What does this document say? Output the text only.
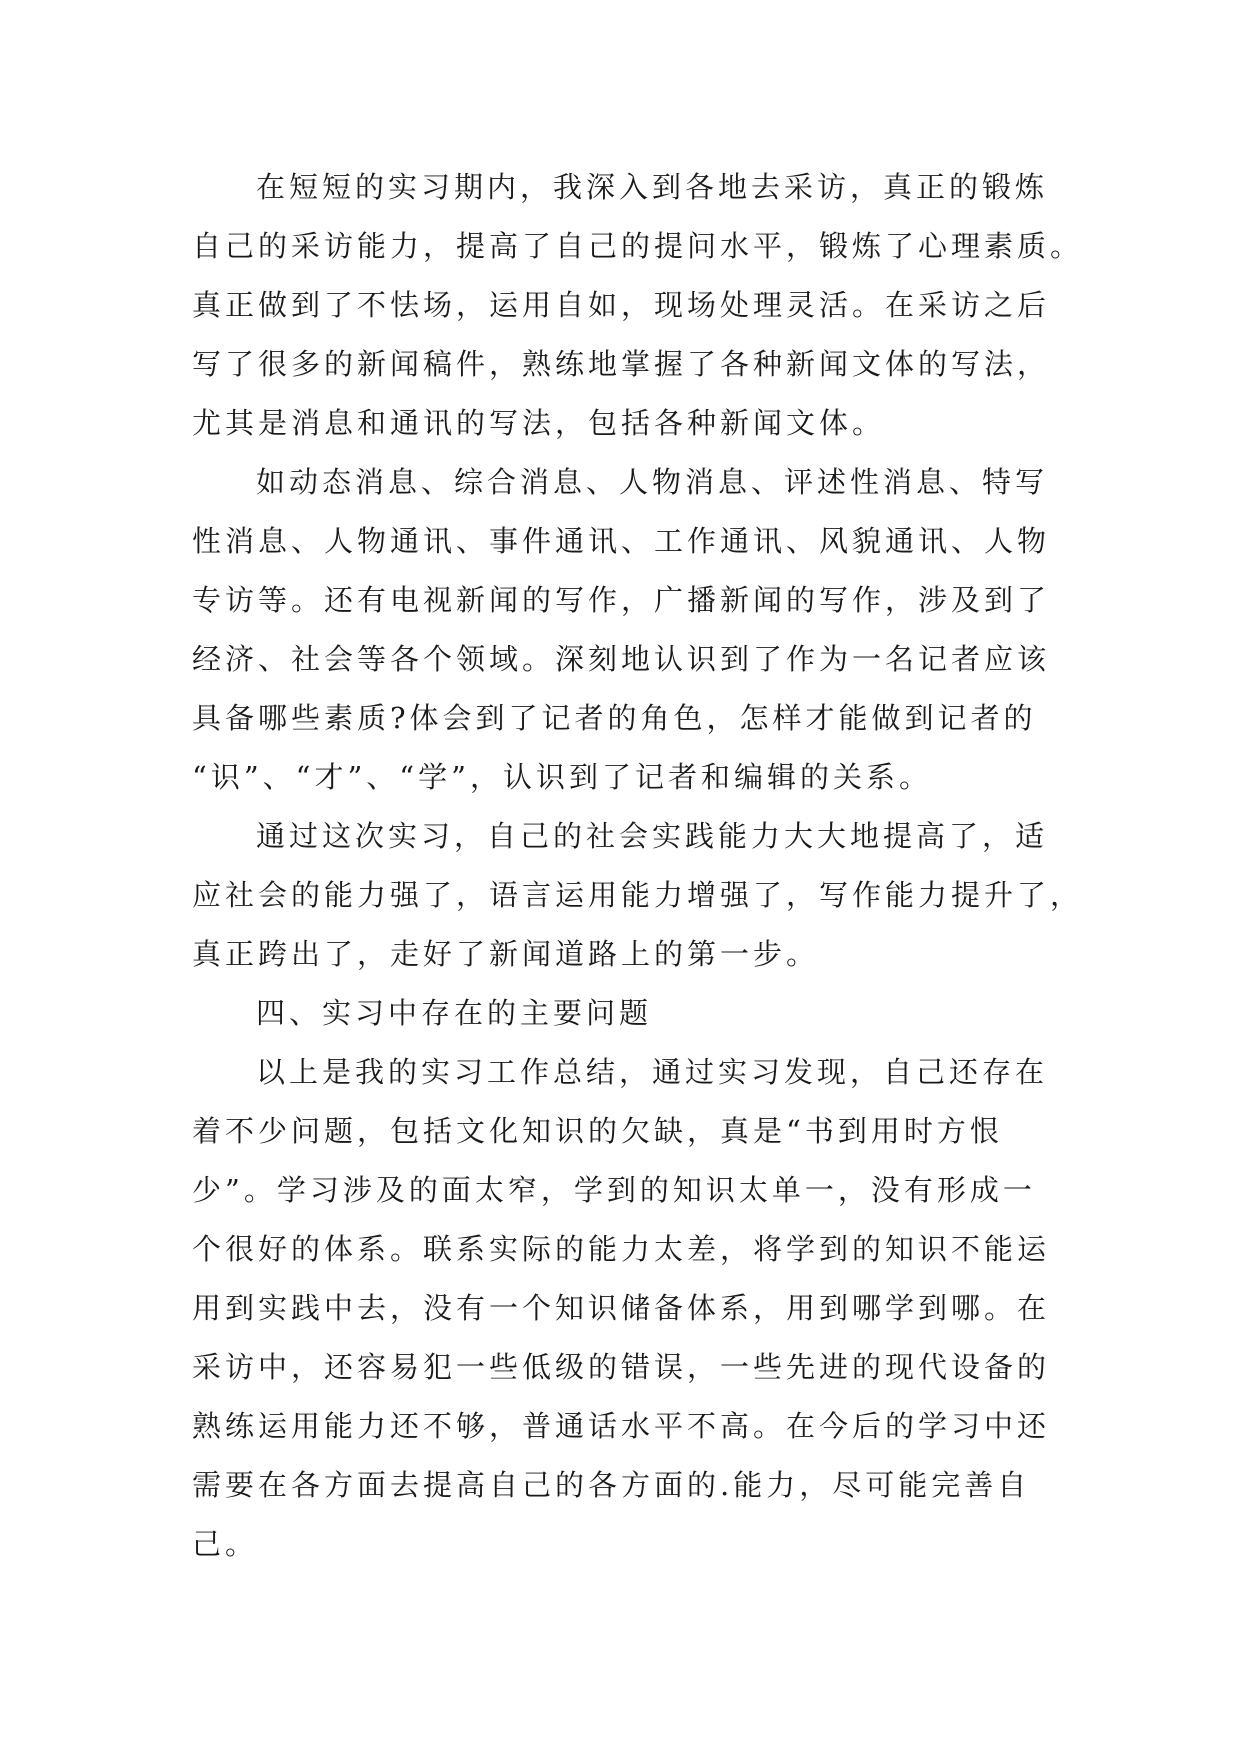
在短短的实习期内，我深入到各地去采访，真正的锻炼
自己的采访能力，提高了自己的提问水平，锻炼了心理素质。
真正做到了不怯场，运用自如，现场处理灵活。在采访之后
写了很多的新闻稿件，熟练地掌握了各种新闻文体的写法，
尤其是消息和通讯的写法，包括各种新闻文体。
如动态消息、综合消息、人物消息、评述性消息、特写
性消息、人物通讯、事件通讯、工作通讯、风貌通讯、人物
专访等。还有电视新闻的写作，广播新闻的写作，涉及到了
经济、社会等各个领域。深刻地认识到了作为一名记者应该
具备哪些素质?体会到了记者的角色，怎样才能做到记者的
“识”、“才”、“学”，认识到了记者和编辑的关系。
通过这次实习，自己的社会实践能力大大地提高了，适
应社会的能力强了，语言运用能力增强了，写作能力提升了，
真正跨出了，走好了新闻道路上的第一步。
四、实习中存在的主要问题
以上是我的实习工作总结，通过实习发现，自己还存在
着不少问题，包括文化知识的欠缺，真是“书到用时方恨
少”。学习涉及的面太窄，学到的知识太单一，没有形成一
个很好的体系。联系实际的能力太差，将学到的知识不能运
用到实践中去，没有一个知识储备体系，用到哪学到哪。在
采访中，还容易犯一些低级的错误，一些先进的现代设备的
熟练运用能力还不够，普通话水平不高。在今后的学习中还
需要在各方面去提高自己的各方面的.能力，尽可能完善自
己。
